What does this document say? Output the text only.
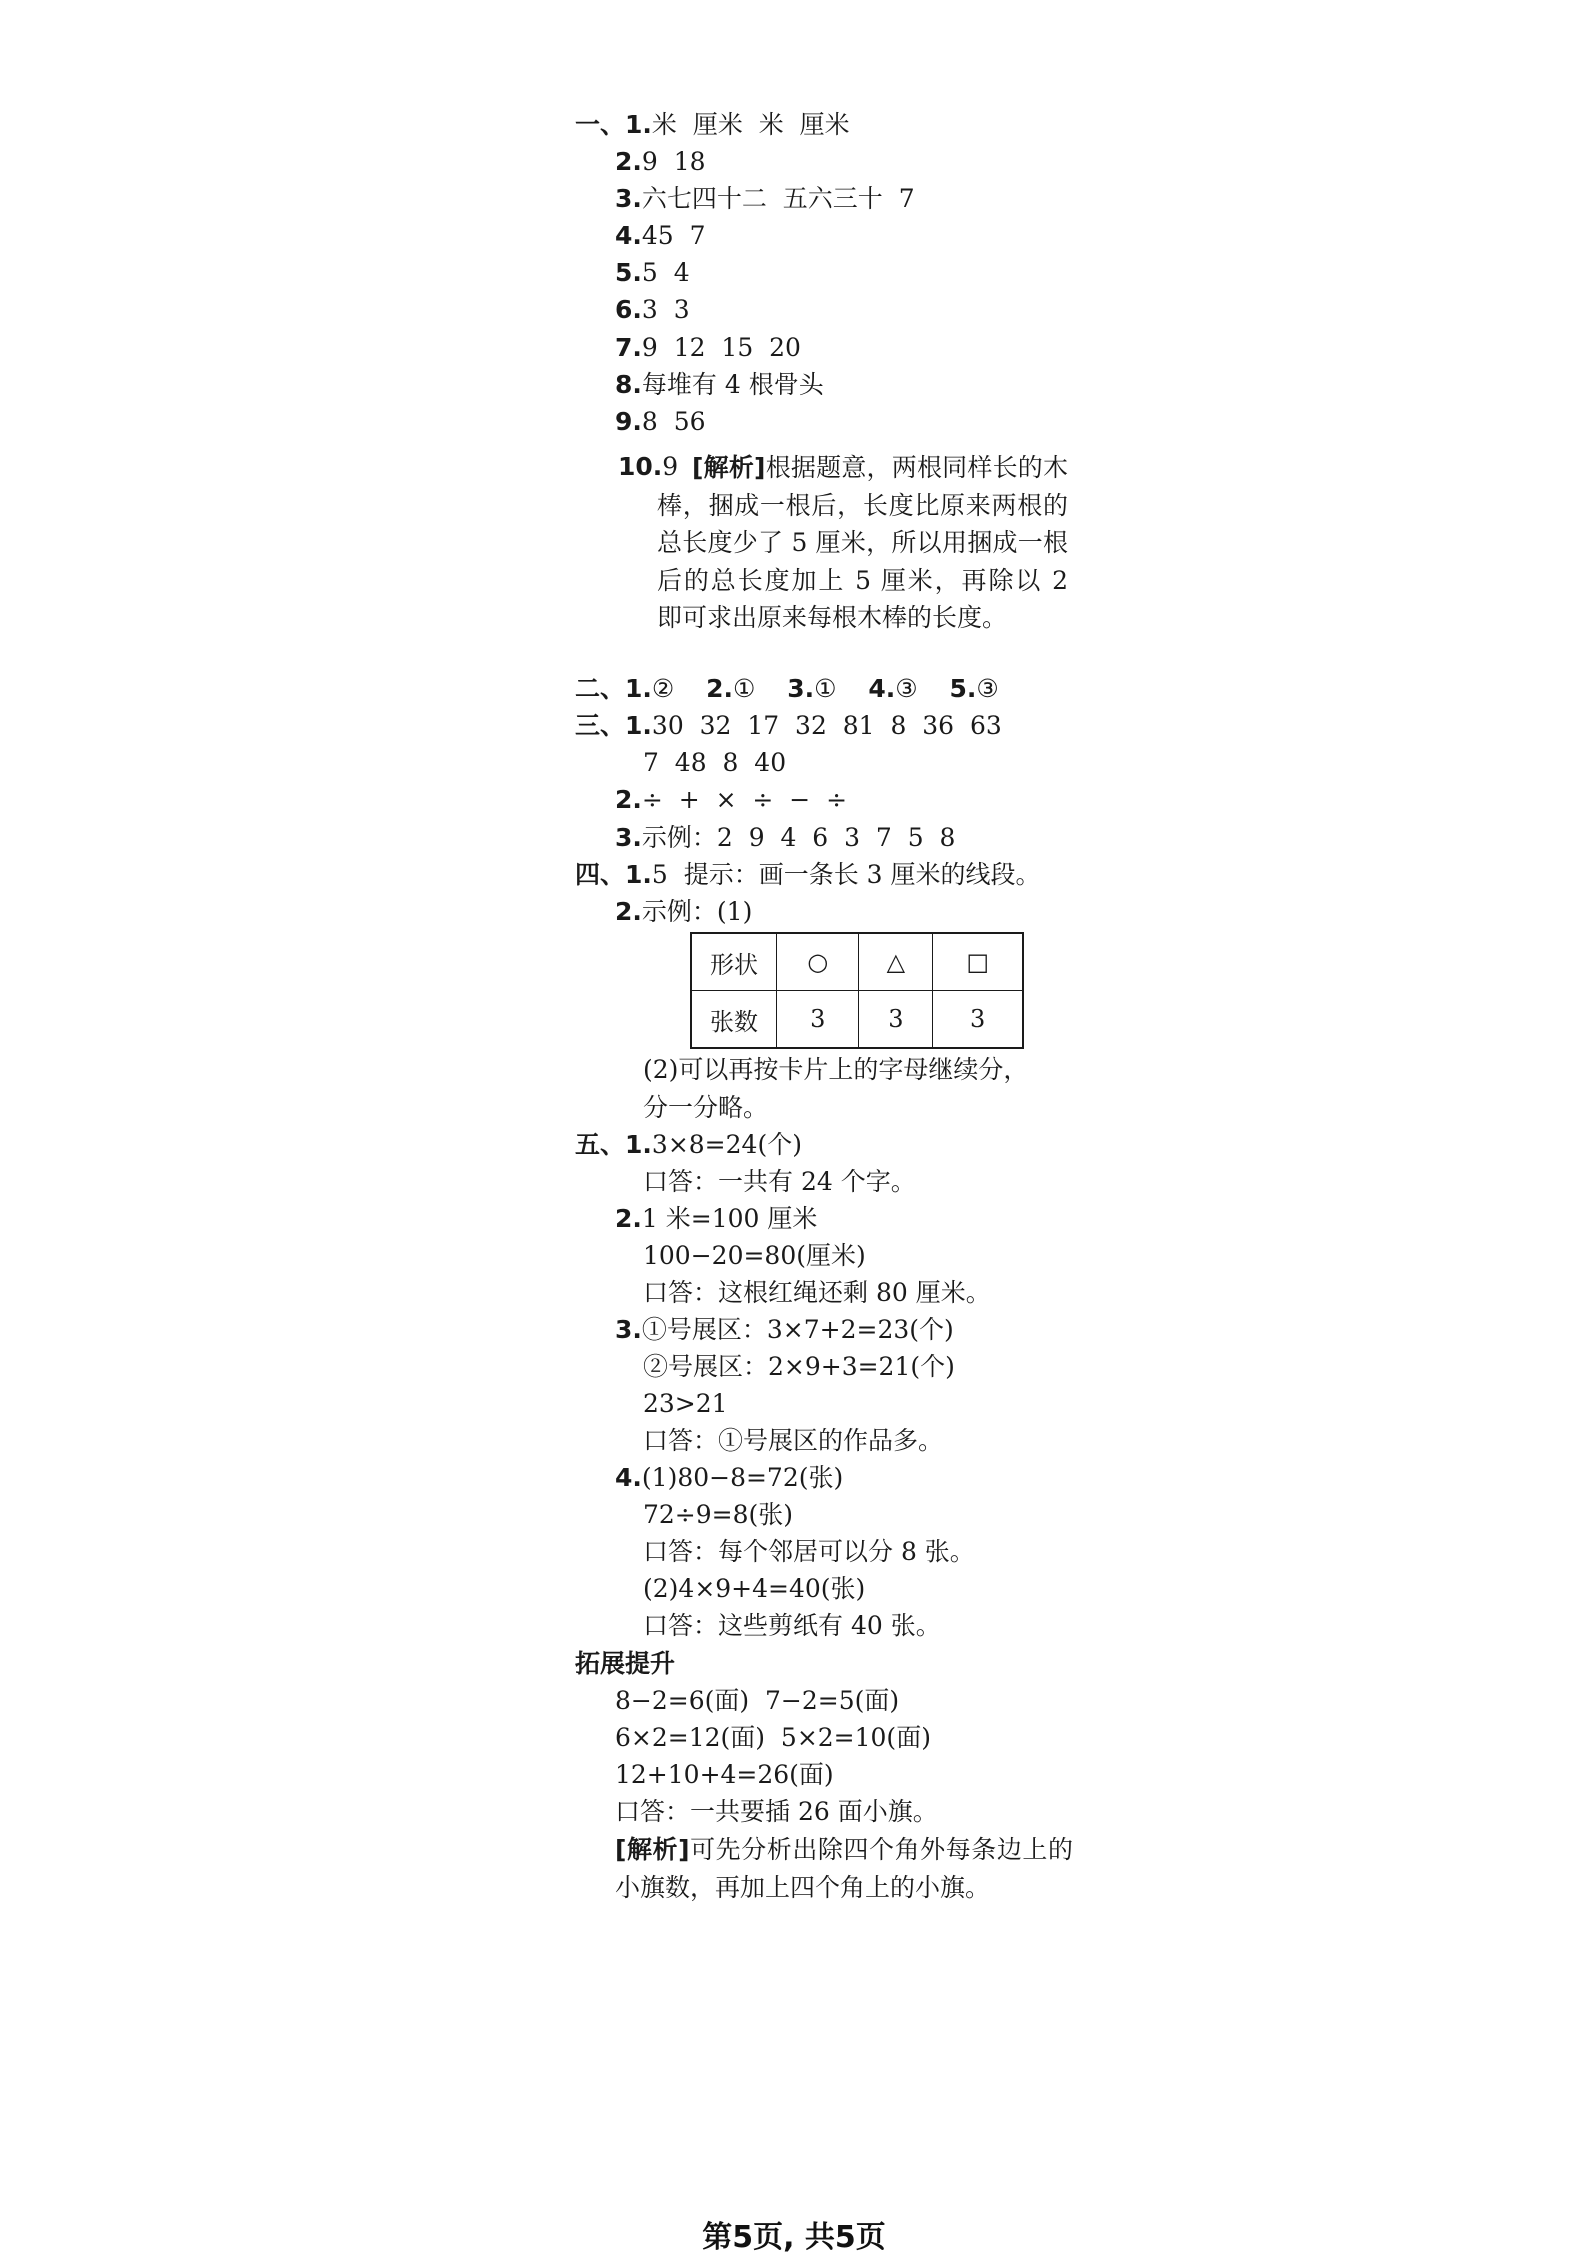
一、1.米  厘米  米  厘米
2.9  18
3.六七四十二  五六三十  7
4.45  7
5.5  4
6.3  3
7.9  12  15  20
8.每堆有 4 根骨头
9.8  56
10.9 [解析]根据题意，两根同样长的木棒，捆成一根后，长度比原来两根的总长度少了 5 厘米，所以用捆成一根后的总长度加上 5 厘米，再除以 2 即可求出原来每根木棒的长度。
二、1.② 2.① 3.① 4.③ 5.③
三、1.30  32  17  32  81  8  36  63
7  48  8  40
2.÷  +  ×  ÷  −  ÷
3.示例：2  9  4  6  3  7  5  8
四、1.5  提示：画一条长 3 厘米的线段。
2.示例：(1)
形状	○	△	□
张数	3	3	3
(2)可以再按卡片上的字母继续分，
分一分略。
五、1.3×8=24(个)
口答：一共有 24 个字。
2.1 米=100 厘米
100−20=80(厘米)
口答：这根红绳还剩 80 厘米。
3.①号展区：3×7+2=23(个)
②号展区：2×9+3=21(个)
23>21
口答：①号展区的作品多。
4.(1)80−8=72(张)
72÷9=8(张)
口答：每个邻居可以分 8 张。
(2)4×9+4=40(张)
口答：这些剪纸有 40 张。
拓展提升
8−2=6(面)  7−2=5(面)
6×2=12(面)  5×2=10(面)
12+10+4=26(面)
口答：一共要插 26 面小旗。
[解析]可先分析出除四个角外每条边上的小旗数，再加上四个角上的小旗。
第5页, 共5页
